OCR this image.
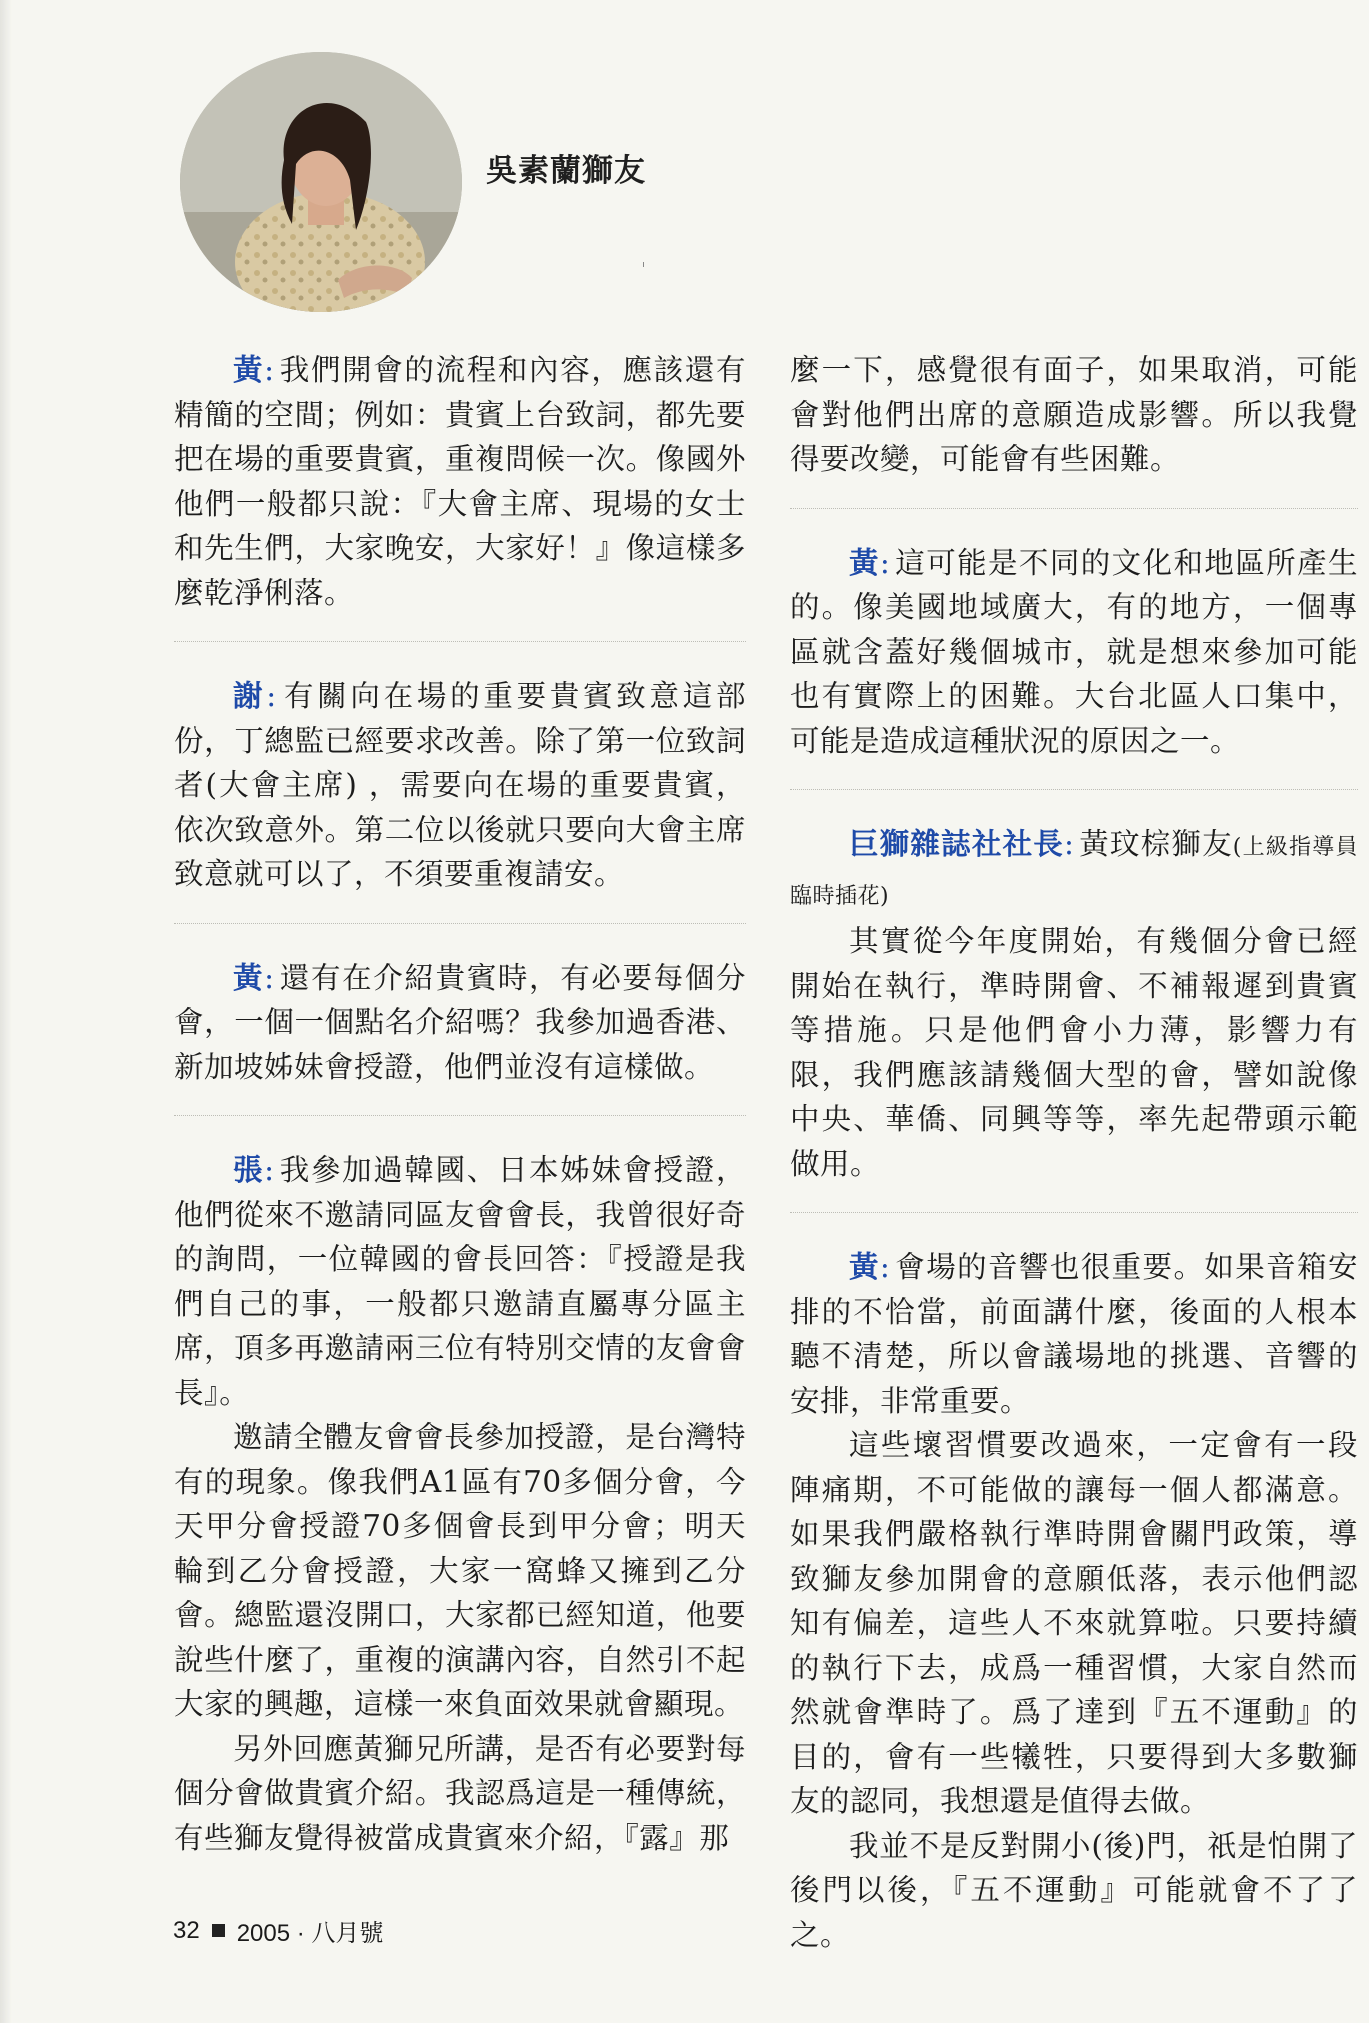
吳素蘭獅友

黃: 我們開會的流程和內容，應該還有精簡的空間；例如：貴賓上台致詞，都先要把在場的重要貴賓，重複問候一次。像國外他們一般都只說：『大會主席、現場的女士和先生們，大家晚安，大家好！』像這樣多麼乾淨俐落。

謝: 有關向在場的重要貴賓致意這部份，丁總監已經要求改善。除了第一位致詞者(大會主席) ，需要向在場的重要貴賓，依次致意外。第二位以後就只要向大會主席致意就可以了，不須要重複請安。

黃: 還有在介紹貴賓時，有必要每個分會，一個一個點名介紹嗎？我參加過香港、新加坡姊妹會授證，他們並沒有這樣做。

張: 我參加過韓國、日本姊妹會授證，他們從來不邀請同區友會會長，我曾很好奇的詢問，一位韓國的會長回答：『授證是我們自己的事，一般都只邀請直屬專分區主席，頂多再邀請兩三位有特別交情的友會會長』。

邀請全體友會會長參加授證，是台灣特有的現象。像我們A1區有70多個分會，今天甲分會授證70多個會長到甲分會；明天輪到乙分會授證，大家一窩蜂又擁到乙分會。總監還沒開口，大家都已經知道，他要說些什麼了，重複的演講內容，自然引不起大家的興趣，這樣一來負面效果就會顯現。

另外回應黃獅兄所講，是否有必要對每個分會做貴賓介紹。我認爲這是一種傳統，有些獅友覺得被當成貴賓來介紹，『露』那

麼一下，感覺很有面子，如果取消，可能會對他們出席的意願造成影響。所以我覺得要改變，可能會有些困難。

黃: 這可能是不同的文化和地區所產生的。像美國地域廣大，有的地方，一個專區就含蓋好幾個城市，就是想來參加可能也有實際上的困難。大台北區人口集中，可能是造成這種狀況的原因之一。

巨獅雜誌社社長: 黃玟棕獅友(上級指導員臨時插花)

其實從今年度開始，有幾個分會已經開始在執行，準時開會、不補報遲到貴賓等措施。只是他們會小力薄，影響力有限，我們應該請幾個大型的會，譬如說像中央、華僑、同興等等，率先起帶頭示範做用。

黃: 會場的音響也很重要。如果音箱安排的不恰當，前面講什麼，後面的人根本聽不清楚，所以會議場地的挑選、音響的安排，非常重要。

這些壞習慣要改過來，一定會有一段陣痛期，不可能做的讓每一個人都滿意。如果我們嚴格執行準時開會關門政策，導致獅友參加開會的意願低落，表示他們認知有偏差，這些人不來就算啦。只要持續的執行下去，成爲一種習慣，大家自然而然就會準時了。爲了達到『五不運動』的目的，會有一些犧牲，只要得到大多數獅友的認同，我想還是值得去做。

我並不是反對開小(後)門，祇是怕開了後門以後，『五不運動』可能就會不了了之。

32 2005 · 八月號
